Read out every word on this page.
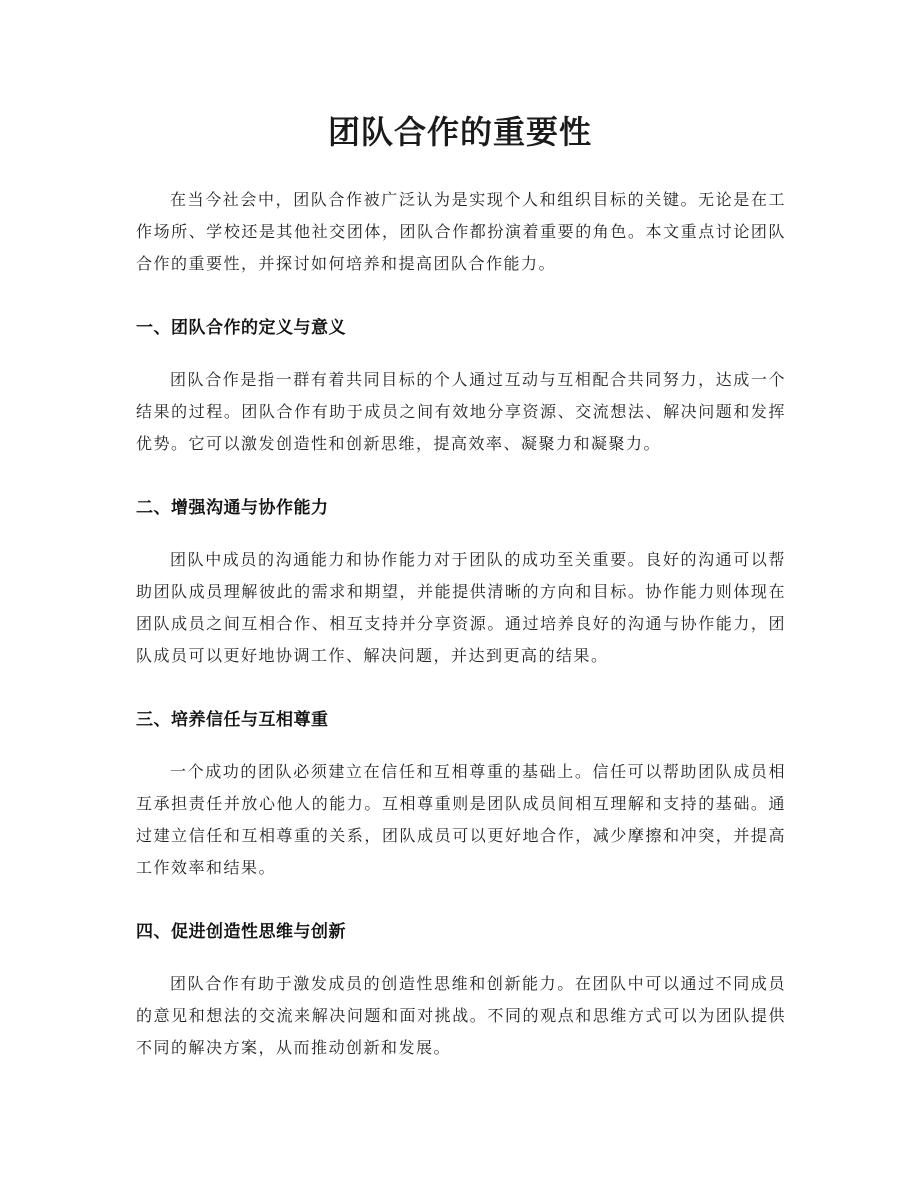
团队合作的重要性

在当今社会中，团队合作被广泛认为是实现个人和组织目标的关键。无论是在工作场所、学校还是其他社交团体，团队合作都扮演着重要的角色。本文重点讨论团队合作的重要性，并探讨如何培养和提高团队合作能力。

一、团队合作的定义与意义

团队合作是指一群有着共同目标的个人通过互动与互相配合共同努力，达成一个结果的过程。团队合作有助于成员之间有效地分享资源、交流想法、解决问题和发挥优势。它可以激发创造性和创新思维，提高效率、凝聚力和凝聚力。

二、增强沟通与协作能力

团队中成员的沟通能力和协作能力对于团队的成功至关重要。良好的沟通可以帮助团队成员理解彼此的需求和期望，并能提供清晰的方向和目标。协作能力则体现在团队成员之间互相合作、相互支持并分享资源。通过培养良好的沟通与协作能力，团队成员可以更好地协调工作、解决问题，并达到更高的结果。

三、培养信任与互相尊重

一个成功的团队必须建立在信任和互相尊重的基础上。信任可以帮助团队成员相互承担责任并放心他人的能力。互相尊重则是团队成员间相互理解和支持的基础。通过建立信任和互相尊重的关系，团队成员可以更好地合作，减少摩擦和冲突，并提高工作效率和结果。

四、促进创造性思维与创新

团队合作有助于激发成员的创造性思维和创新能力。在团队中可以通过不同成员的意见和想法的交流来解决问题和面对挑战。不同的观点和思维方式可以为团队提供不同的解决方案，从而推动创新和发展。
